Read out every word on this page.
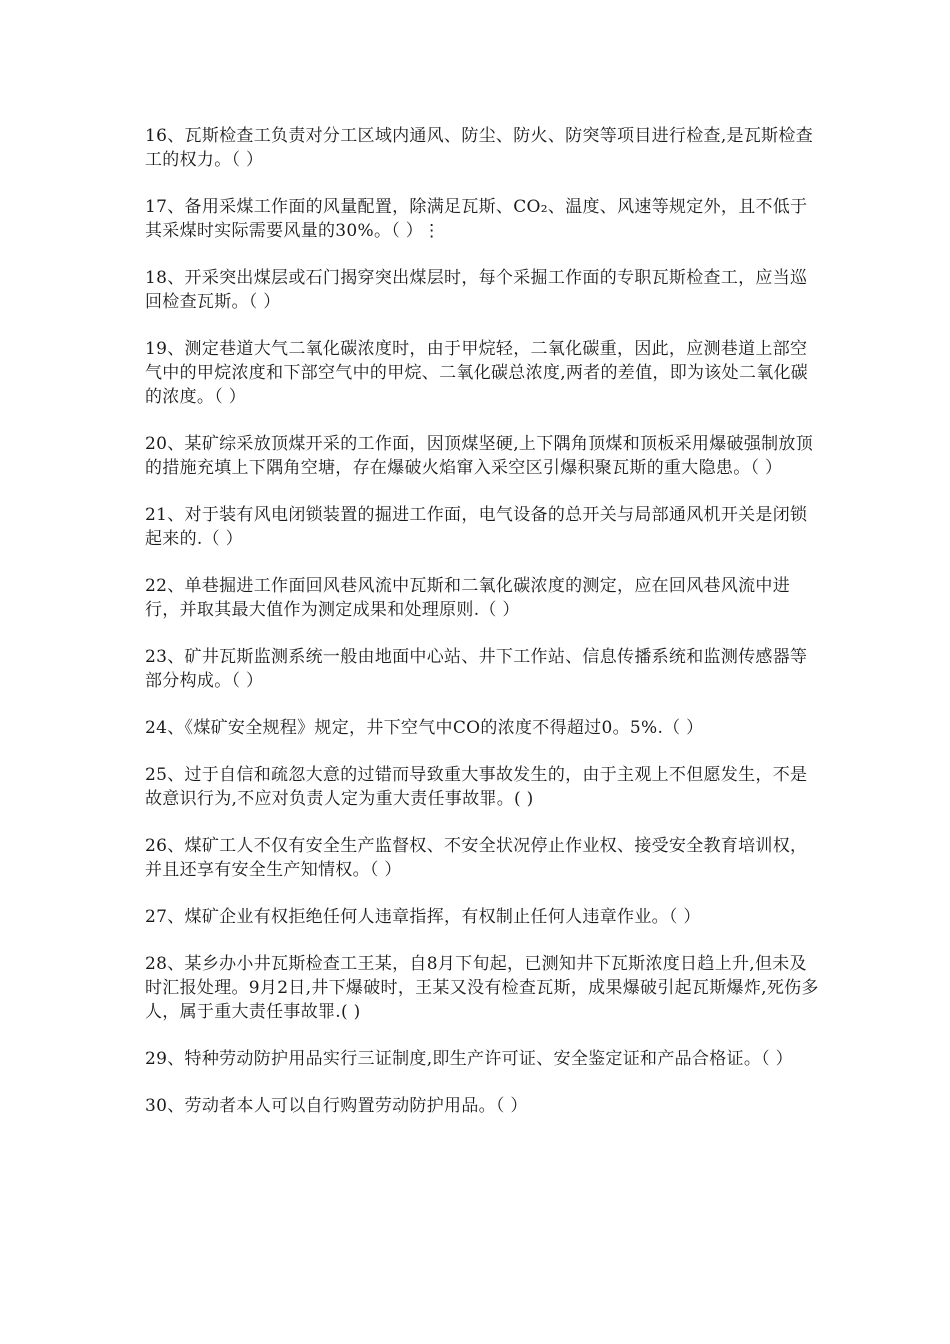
16、瓦斯检查工负责对分工区域内通风、防尘、防火、防突等项目进行检查,是瓦斯检查工的权力。（ ）

17、备用采煤工作面的风量配置，除满足瓦斯、CO₂、温度、风速等规定外，且不低于其采煤时实际需要风量的30%。（ ）⋮

18、开采突出煤层或石门揭穿突出煤层时，每个采掘工作面的专职瓦斯检查工，应当巡回检查瓦斯。（ ）

19、测定巷道大气二氧化碳浓度时，由于甲烷轻，二氧化碳重，因此，应测巷道上部空气中的甲烷浓度和下部空气中的甲烷、二氧化碳总浓度,两者的差值，即为该处二氧化碳的浓度。（ ）

20、某矿综采放顶煤开采的工作面，因顶煤坚硬,上下隅角顶煤和顶板采用爆破强制放顶的措施充填上下隅角空塘，存在爆破火焰窜入采空区引爆积聚瓦斯的重大隐患。（ ）

21、对于装有风电闭锁装置的掘进工作面，电气设备的总开关与局部通风机开关是闭锁起来的.（ ）

22、单巷掘进工作面回风巷风流中瓦斯和二氧化碳浓度的测定，应在回风巷风流中进行，并取其最大值作为测定成果和处理原则.（ ）

23、矿井瓦斯监测系统一般由地面中心站、井下工作站、信息传播系统和监测传感器等部分构成。（ ）

24、《煤矿安全规程》规定，井下空气中CO的浓度不得超过0。5%.（ ）

25、过于自信和疏忽大意的过错而导致重大事故发生的，由于主观上不但愿发生，不是故意识行为,不应对负责人定为重大责任事故罪。( )

26、煤矿工人不仅有安全生产监督权、不安全状况停止作业权、接受安全教育培训权，并且还享有安全生产知情权。（ ）

27、煤矿企业有权拒绝任何人违章指挥，有权制止任何人违章作业。（ ）

28、某乡办小井瓦斯检查工王某，自8月下旬起，已测知井下瓦斯浓度日趋上升,但未及时汇报处理。9月2日,井下爆破时，王某又没有检查瓦斯，成果爆破引起瓦斯爆炸,死伤多人，属于重大责任事故罪.( )

29、特种劳动防护用品实行三证制度,即生产许可证、安全鉴定证和产品合格证。（ ）

30、劳动者本人可以自行购置劳动防护用品。（ ）
